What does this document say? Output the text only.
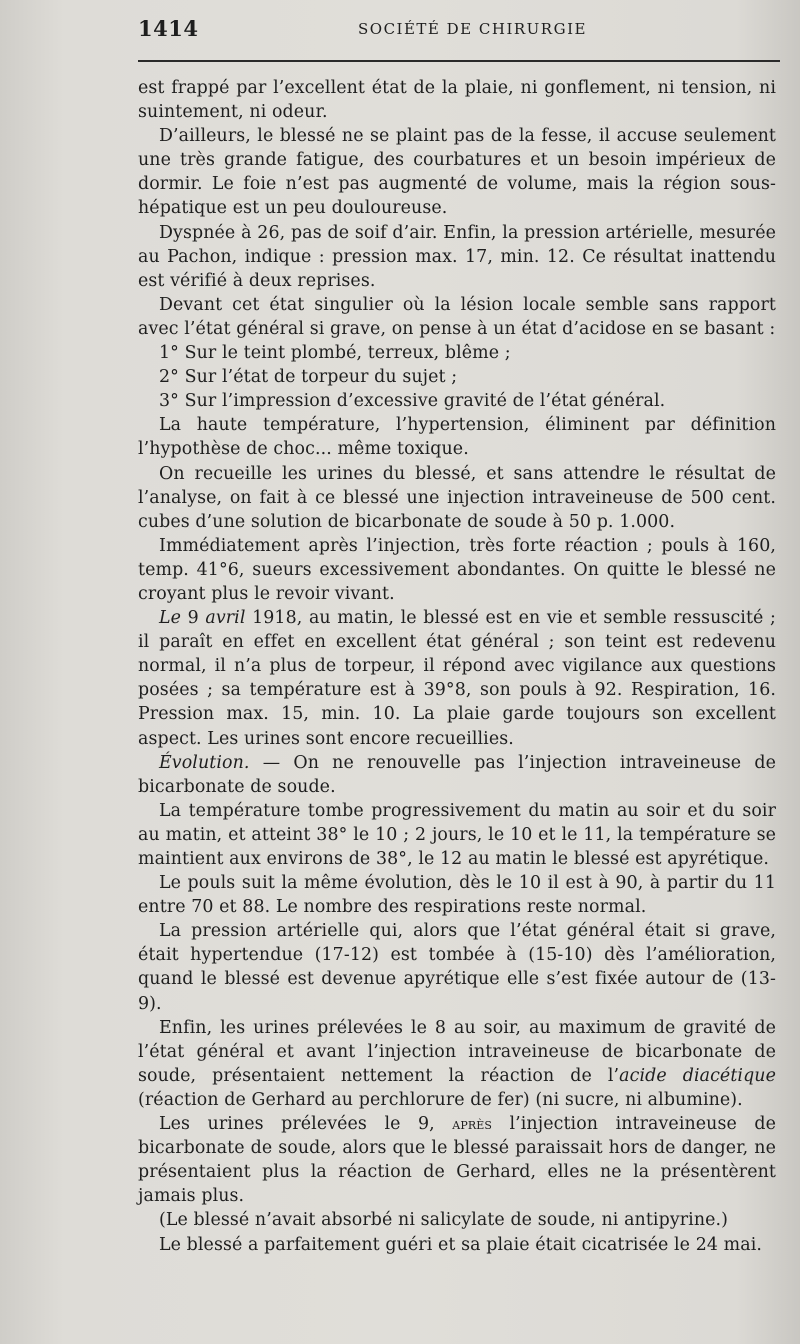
1414	SOCIÉTÉ DE CHIRURGIE

est frappé par l’excellent état de la plaie, ni gonflement, ni tension, ni suintement, ni odeur.

D’ailleurs, le blessé ne se plaint pas de la fesse, il accuse seulement une très grande fatigue, des courbatures et un besoin impérieux de dormir. Le foie n’est pas augmenté de volume, mais la région sous-hépatique est un peu douloureuse.

Dyspnée à 26, pas de soif d’air. Enfin, la pression artérielle, mesurée au Pachon, indique : pression max. 17, min. 12. Ce résultat inattendu est vérifié à deux reprises.

Devant cet état singulier où la lésion locale semble sans rapport avec l’état général si grave, on pense à un état d’acidose en se basant :

1° Sur le teint plombé, terreux, blême ;

2° Sur l’état de torpeur du sujet ;

3° Sur l’impression d’excessive gravité de l’état général.

La haute température, l’hypertension, éliminent par définition l’hypothèse de choc... même toxique.

On recueille les urines du blessé, et sans attendre le résultat de l’analyse, on fait à ce blessé une injection intraveineuse de 500 cent. cubes d’une solution de bicarbonate de soude à 50 p. 1.000.

Immédiatement après l’injection, très forte réaction ; pouls à 160, temp. 41°6, sueurs excessivement abondantes. On quitte le blessé ne croyant plus le revoir vivant.

Le 9 avril 1918, au matin, le blessé est en vie et semble ressuscité ; il paraît en effet en excellent état général ; son teint est redevenu normal, il n’a plus de torpeur, il répond avec vigilance aux questions posées ; sa température est à 39°8, son pouls à 92. Respiration, 16. Pression max. 15, min. 10. La plaie garde toujours son excellent aspect. Les urines sont encore recueillies.

Évolution. — On ne renouvelle pas l’injection intraveineuse de bicarbonate de soude.

La température tombe progressivement du matin au soir et du soir au matin, et atteint 38° le 10 ; 2 jours, le 10 et le 11, la température se maintient aux environs de 38°, le 12 au matin le blessé est apyrétique.

Le pouls suit la même évolution, dès le 10 il est à 90, à partir du 11 entre 70 et 88. Le nombre des respirations reste normal.

La pression artérielle qui, alors que l’état général était si grave, était hypertendue (17-12) est tombée à (15-10) dès l’amélioration, quand le blessé est devenue apyrétique elle s’est fixée autour de (13-9).

Enfin, les urines prélevées le 8 au soir, au maximum de gravité de l’état général et avant l’injection intraveineuse de bicarbonate de soude, présentaient nettement la réaction de l’acide diacétique (réaction de Gerhard au perchlorure de fer) (ni sucre, ni albumine).

Les urines prélevées le 9, après l’injection intraveineuse de bicarbonate de soude, alors que le blessé paraissait hors de danger, ne présentaient plus la réaction de Gerhard, elles ne la présentèrent jamais plus.

(Le blessé n’avait absorbé ni salicylate de soude, ni antipyrine.)

Le blessé a parfaitement guéri et sa plaie était cicatrisée le 24 mai.
